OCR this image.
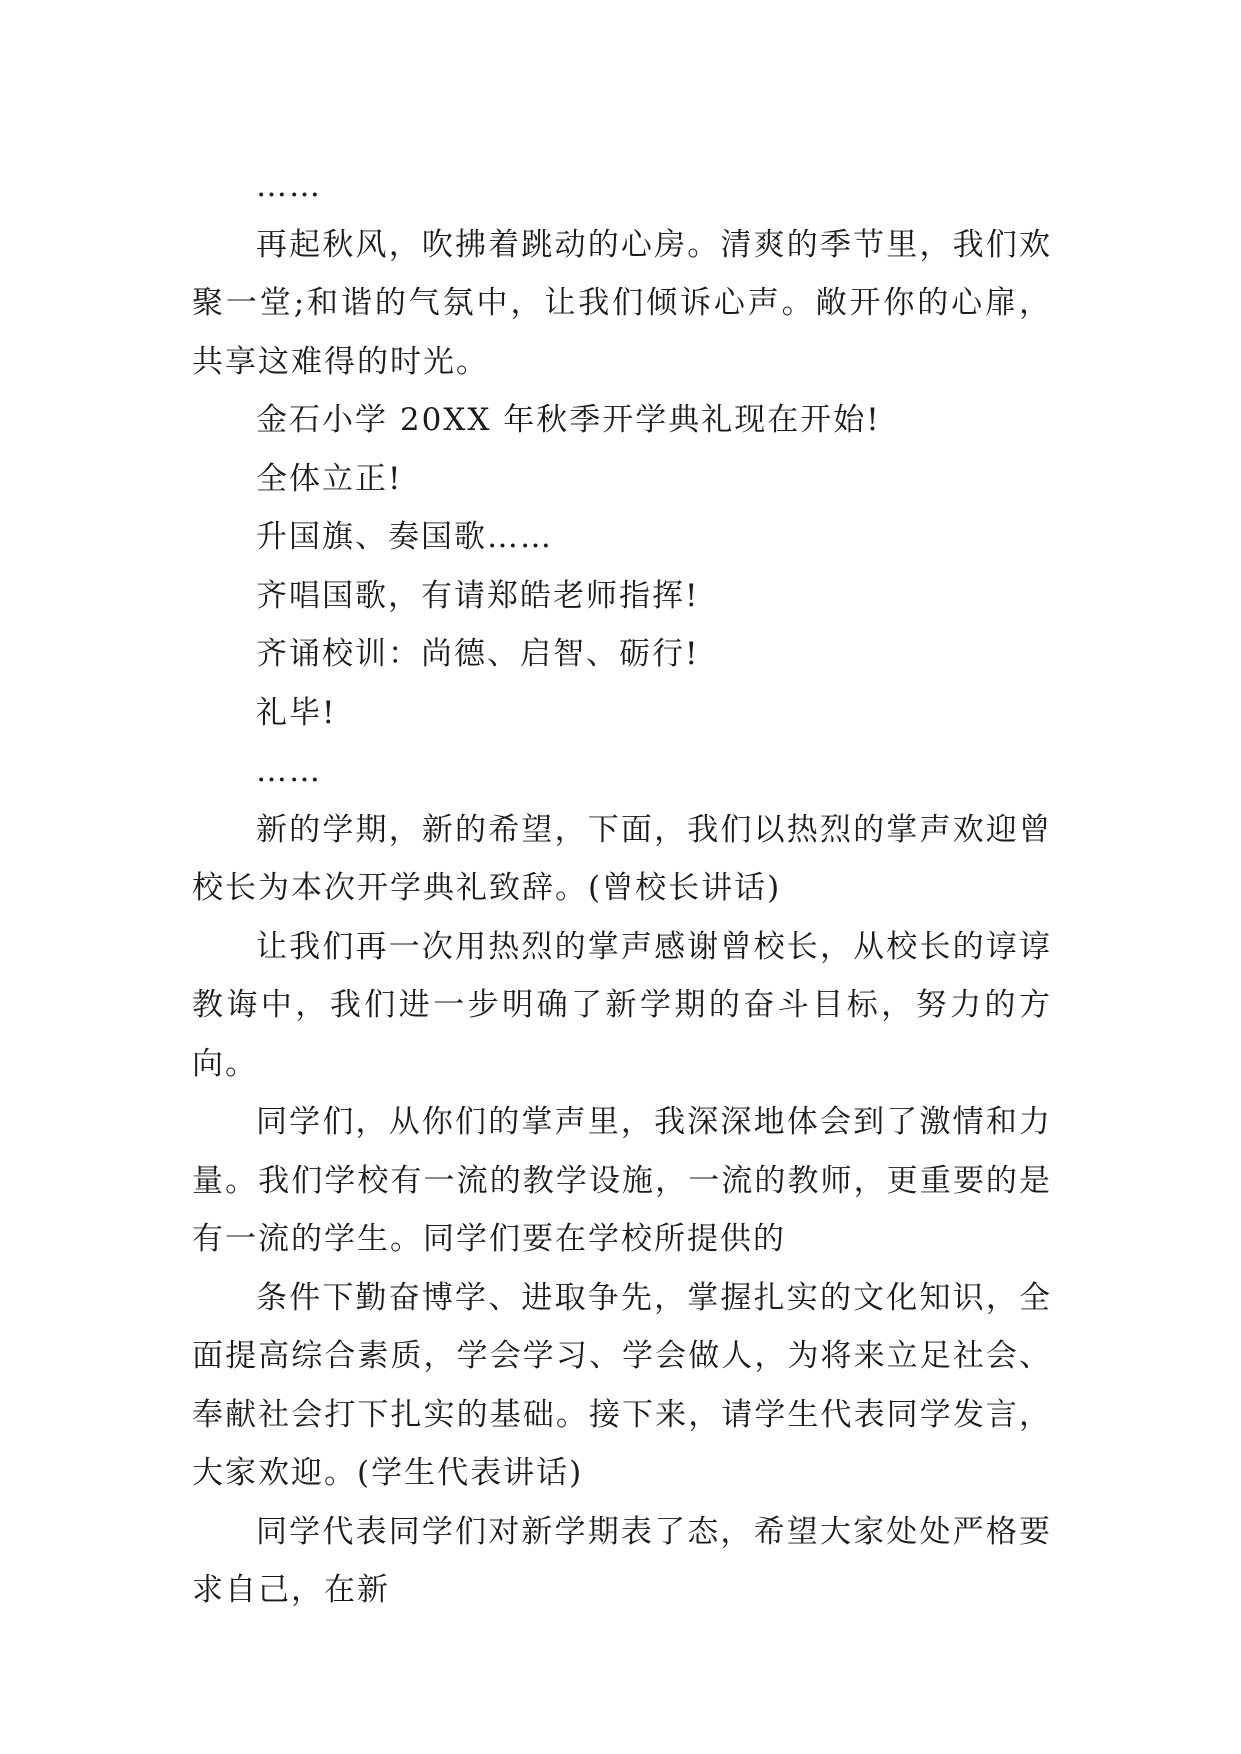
……

再起秋风，吹拂着跳动的心房。清爽的季节里，我们欢聚一堂;和谐的气氛中，让我们倾诉心声。敞开你的心扉，共享这难得的时光。

金石小学 20XX 年秋季开学典礼现在开始!

全体立正!

升国旗、奏国歌……

齐唱国歌，有请郑皓老师指挥!

齐诵校训：尚德、启智、砺行!

礼毕!

……

新的学期，新的希望，下面，我们以热烈的掌声欢迎曾校长为本次开学典礼致辞。(曾校长讲话)

让我们再一次用热烈的掌声感谢曾校长，从校长的谆谆教诲中，我们进一步明确了新学期的奋斗目标，努力的方向。

同学们，从你们的掌声里，我深深地体会到了激情和力量。我们学校有一流的教学设施，一流的教师，更重要的是有一流的学生。同学们要在学校所提供的

条件下勤奋博学、进取争先，掌握扎实的文化知识，全面提高综合素质，学会学习、学会做人，为将来立足社会、奉献社会打下扎实的基础。接下来，请学生代表同学发言，大家欢迎。(学生代表讲话)

同学代表同学们对新学期表了态，希望大家处处严格要求自己，在新
